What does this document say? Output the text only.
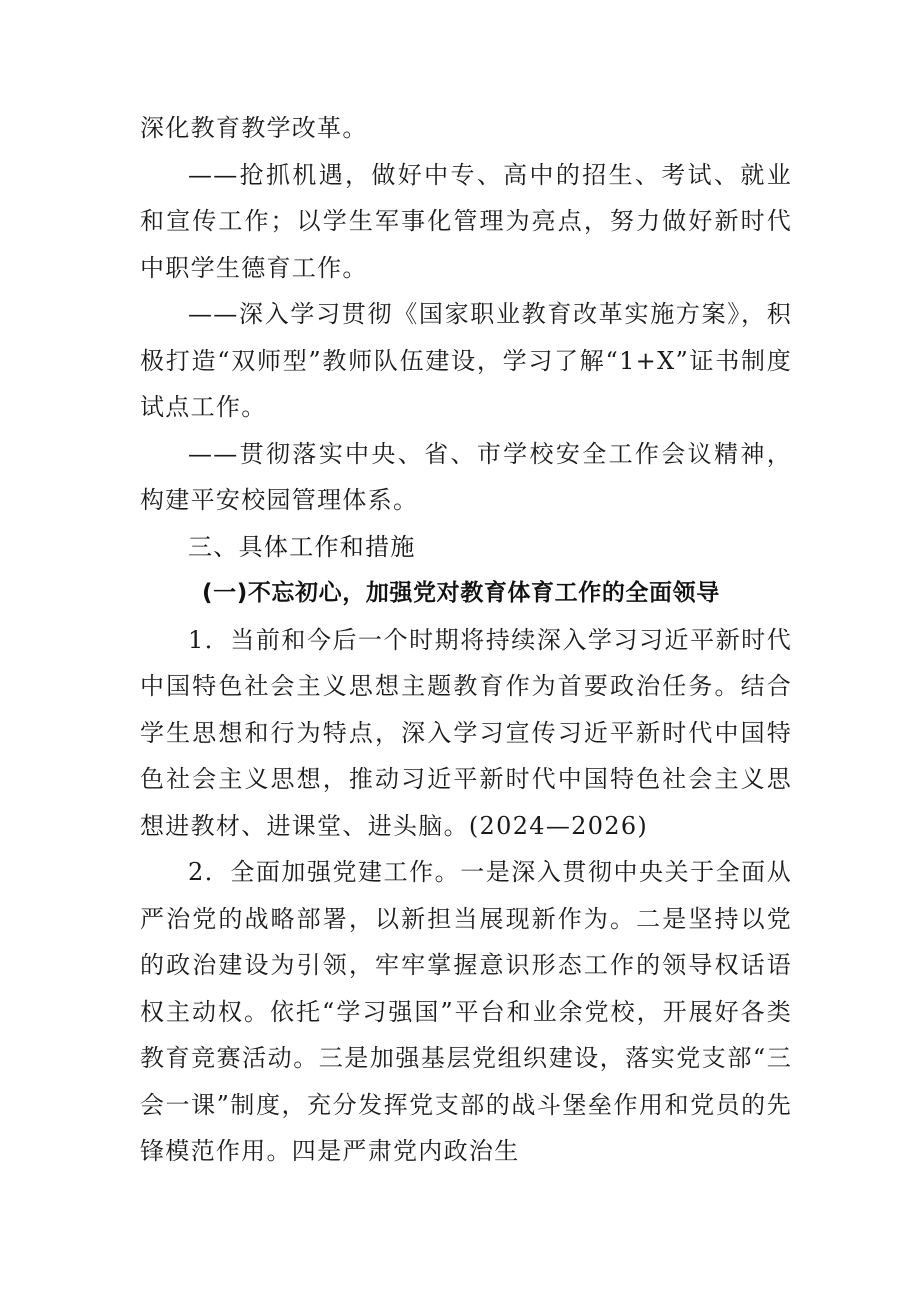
深化教育教学改革。

——抢抓机遇，做好中专、高中的招生、考试、就业和宣传工作；以学生军事化管理为亮点，努力做好新时代中职学生德育工作。

——深入学习贯彻《国家职业教育改革实施方案》，积极打造“双师型”教师队伍建设，学习了解“1+X”证书制度试点工作。

——贯彻落实中央、省、市学校安全工作会议精神，构建平安校园管理体系。

三、具体工作和措施

(一)不忘初心，加强党对教育体育工作的全面领导

1．当前和今后一个时期将持续深入学习习近平新时代中国特色社会主义思想主题教育作为首要政治任务。结合学生思想和行为特点，深入学习宣传习近平新时代中国特色社会主义思想，推动习近平新时代中国特色社会主义思想进教材、进课堂、进头脑。(2024—2026)

2．全面加强党建工作。一是深入贯彻中央关于全面从严治党的战略部署，以新担当展现新作为。二是坚持以党的政治建设为引领，牢牢掌握意识形态工作的领导权话语权主动权。依托“学习强国”平台和业余党校，开展好各类教育竞赛活动。三是加强基层党组织建设，落实党支部“三会一课”制度，充分发挥党支部的战斗堡垒作用和党员的先锋模范作用。四是严肃党内政治生
